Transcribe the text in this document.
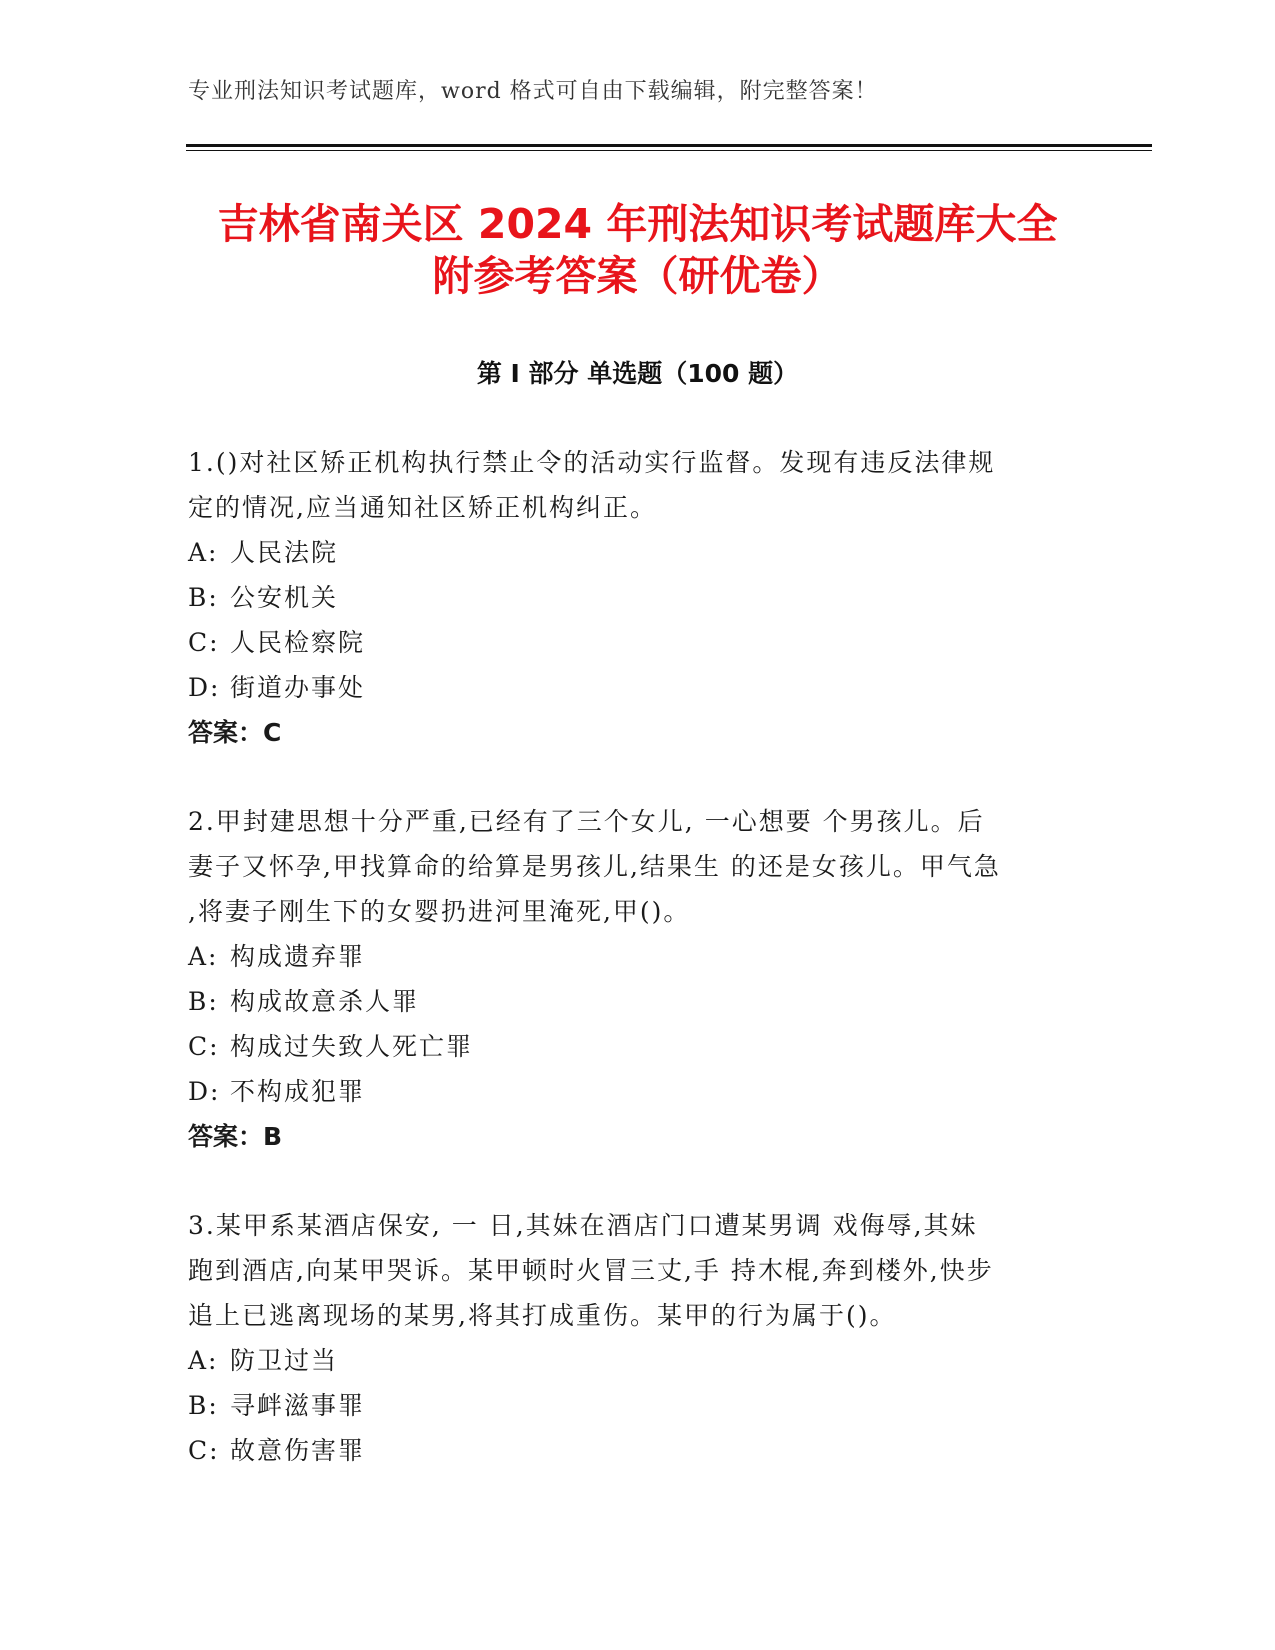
专业刑法知识考试题库，word 格式可自由下载编辑，附完整答案！
吉林省南关区 2024 年刑法知识考试题库大全
附参考答案（研优卷）
第 I 部分 单选题（100 题）

1.()对社区矫正机构执行禁止令的活动实行监督。发现有违反法律规

定的情况,应当通知社区矫正机构纠正。

A: 人民法院

B: 公安机关

C: 人民检察院

D: 街道办事处

答案：C

2.甲封建思想十分严重,已经有了三个女儿, 一心想要 个男孩儿。后

妻子又怀孕,甲找算命的给算是男孩儿,结果生 的还是女孩儿。甲气急

,将妻子刚生下的女婴扔进河里淹死,甲()。

A: 构成遗弃罪

B: 构成故意杀人罪

C: 构成过失致人死亡罪

D: 不构成犯罪

答案：B

3.某甲系某酒店保安, 一 日,其妹在酒店门口遭某男调 戏侮辱,其妹

跑到酒店,向某甲哭诉。某甲顿时火冒三丈,手 持木棍,奔到楼外,快步

追上已逃离现场的某男,将其打成重伤。某甲的行为属于()。

A: 防卫过当

B: 寻衅滋事罪

C: 故意伤害罪
